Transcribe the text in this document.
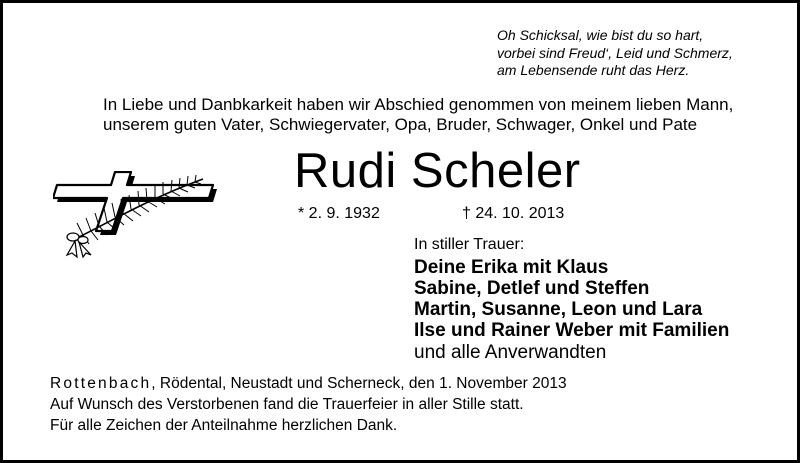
Oh Schicksal, wie bist du so hart,
vorbei sind Freud‘, Leid und Schmerz,
am Lebensende ruht das Herz.
In Liebe und Danbkarkeit haben wir Abschied genommen von meinem lieben Mann,
unserem guten Vater, Schwiegervater, Opa, Bruder, Schwager, Onkel und Pate
Rudi Scheler
* 2. 9. 1932	† 24. 10. 2013
In stiller Trauer:
Deine Erika mit Klaus
Sabine, Detlef und Steffen
Martin, Susanne, Leon und Lara
Ilse und Rainer Weber mit Familien
und alle Anverwandten
Rottenbach, Rödental, Neustadt und Scherneck, den 1. November 2013
Auf Wunsch des Verstorbenen fand die Trauerfeier in aller Stille statt.
Für alle Zeichen der Anteilnahme herzlichen Dank.
